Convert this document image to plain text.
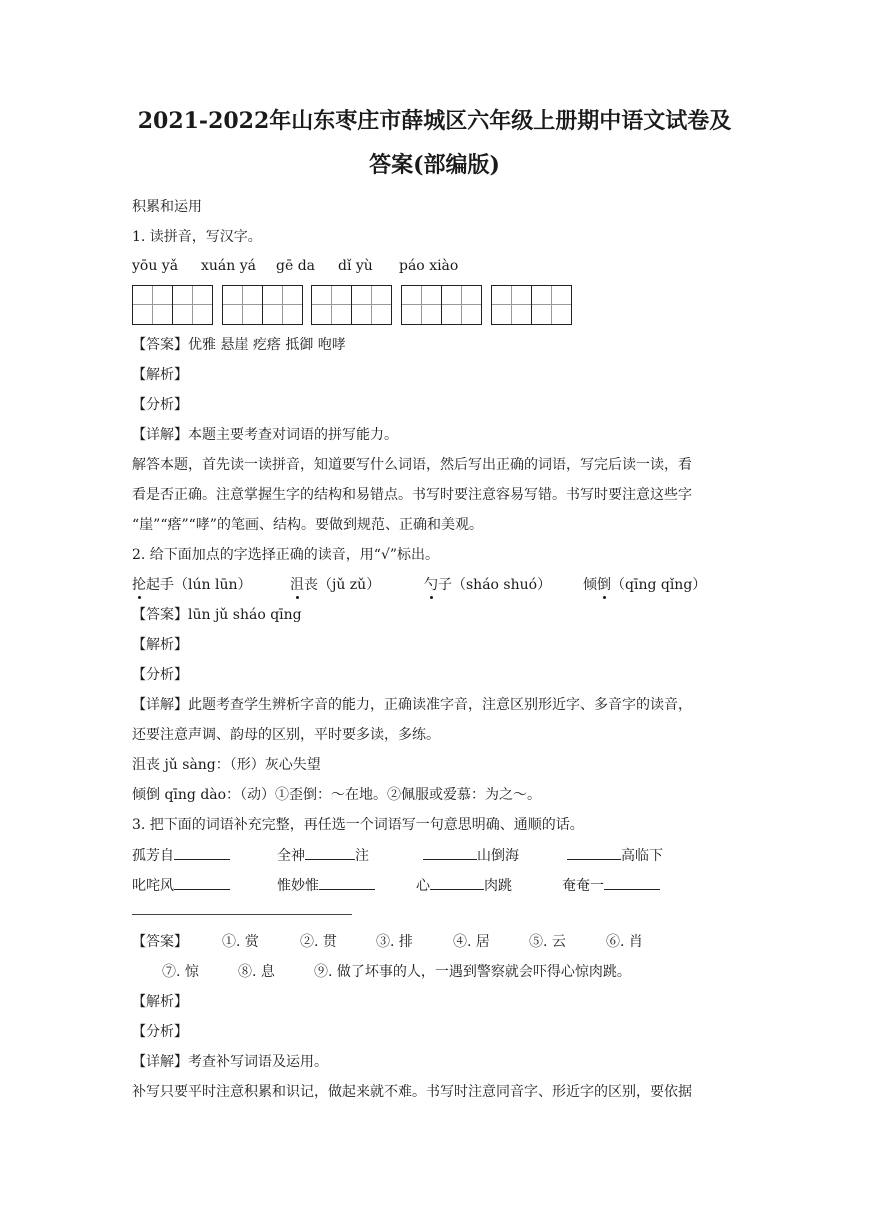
2021-2022年山东枣庄市薛城区六年级上册期中语文试卷及
答案(部编版)
积累和运用
1. 读拼音，写汉字。
yōu yǎ xuán yá gē da dǐ yù páo xiào
【答案】优雅 悬崖 疙瘩 抵御 咆哮
【解析】
【分析】
【详解】本题主要考查对词语的拼写能力。
解答本题，首先读一读拼音，知道要写什么词语，然后写出正确的词语，写完后读一读，看
看是否正确。注意掌握生字的结构和易错点。书写时要注意容易写错。书写时要注意这些字
“崖”“瘩”“哮”的笔画、结构。要做到规范、正确和美观。
2. 给下面加点的字选择正确的读音，用“√”标出。
抡起手（lún lūn）	沮丧（jǔ zǔ）	勺子（sháo shuó） 倾倒（qīng qǐng）
【答案】lūn jǔ sháo qīng
【解析】
【分析】
【详解】此题考查学生辨析字音的能力，正确读准字音，注意区别形近字、多音字的读音，
还要注意声调、韵母的区别，平时要多读，多练。
沮丧 jǔ sàng：（形）灰心失望
倾倒 qīng dào：（动）①歪倒：～在地。②佩服或爱慕：为之～。
3. 把下面的词语补充完整，再任选一个词语写一句意思明确、通顺的话。
孤芳自	全神	注	山倒海	高临下
叱咤风	惟妙惟	心	肉跳	奄奄一
【答案】 ①. 赏	②. 贯	③. 排	④. 居	⑤. 云	⑥. 肖
⑦. 惊	⑧. 息	⑨. 做了坏事的人，一遇到警察就会吓得心惊肉跳。
【解析】
【分析】
【详解】考查补写词语及运用。
补写只要平时注意积累和识记，做起来就不难。书写时注意同音字、形近字的区别，要依据
